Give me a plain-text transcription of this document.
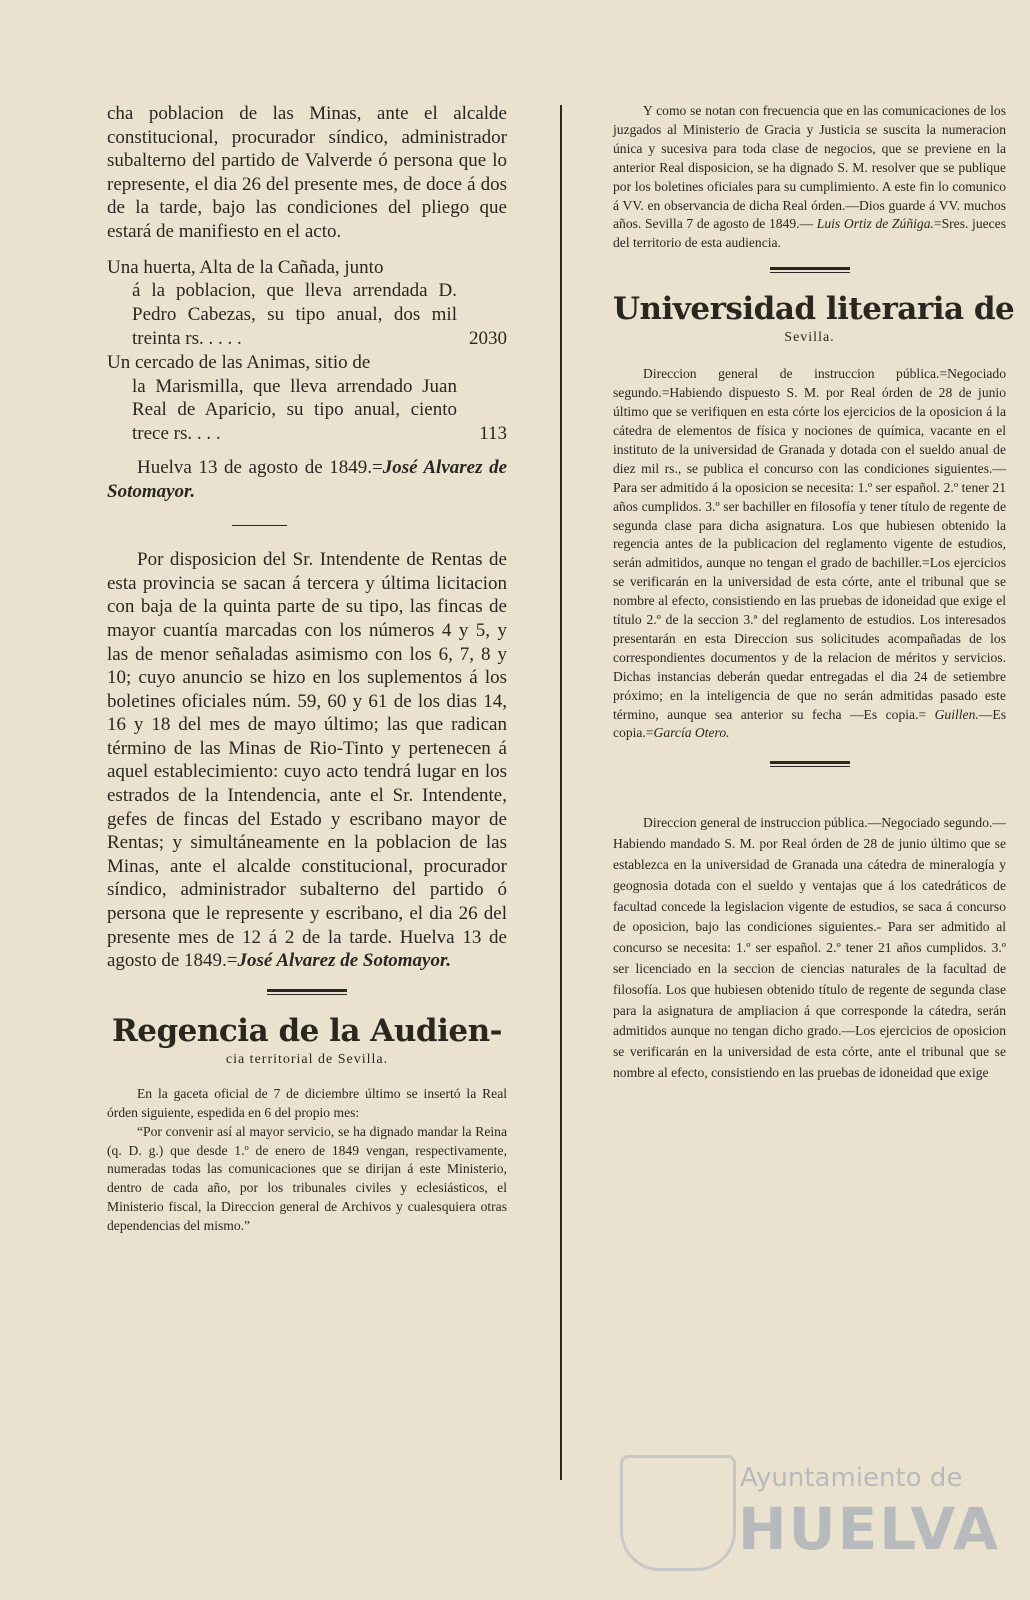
cha poblacion de las Minas, ante el alcalde constitucional, procurador síndico, administrador subalterno del partido de Valverde ó persona que lo represente, el dia 26 del presente mes, de doce á dos de la tarde, bajo las condiciones del pliego que estará de manifiesto en el acto.

Una huerta, Alta de la Cañada, junto
á la poblacion, que lleva arrendada D. Pedro Cabezas, su tipo anual, dos mil treinta rs. . . . .	2030
Un cercado de las Animas, sitio de
la Marismilla, que lleva arrendado Juan Real de Aparicio, su tipo anual, ciento trece rs. . . .	113

Huelva 13 de agosto de 1849.=José Alvarez de Sotomayor.

Por disposicion del Sr. Intendente de Rentas de esta provincia se sacan á tercera y última licitacion con baja de la quinta parte de su tipo, las fincas de mayor cuantía marcadas con los números 4 y 5, y las de menor señaladas asimismo con los 6, 7, 8 y 10; cuyo anuncio se hizo en los suplementos á los boletines oficiales núm. 59, 60 y 61 de los dias 14, 16 y 18 del mes de mayo último; las que radican término de las Minas de Rio-Tinto y pertenecen á aquel establecimiento: cuyo acto tendrá lugar en los estrados de la Intendencia, ante el Sr. Intendente, gefes de fincas del Estado y escribano mayor de Rentas; y simultáneamente en la poblacion de las Minas, ante el alcalde constitucional, procurador síndico, administrador subalterno del partido ó persona que le represente y escribano, el dia 26 del presente mes de 12 á 2 de la tarde. Huelva 13 de agosto de 1849.=José Alvarez de Sotomayor.

Regencia de la Audien-

cia territorial de Sevilla.

En la gaceta oficial de 7 de diciembre último se insertó la Real órden siguiente, espedida en 6 del propio mes:

“Por convenir así al mayor servicio, se ha dignado mandar la Reina (q. D. g.) que desde 1.º de enero de 1849 vengan, respectivamente, numeradas todas las comunicaciones que se dirijan á este Ministerio, dentro de cada año, por los tribunales civiles y eclesiásticos, el Ministerio fiscal, la Direccion general de Archivos y cualesquiera otras dependencias del mismo.”

Y como se notan con frecuencia que en las comunicaciones de los juzgados al Ministerio de Gracia y Justicia se suscita la numeracion única y sucesiva para toda clase de negocios, que se previene en la anterior Real disposicion, se ha dignado S. M. resolver que se publique por los boletines oficiales para su cumplimiento. A este fin lo comunico á VV. en observancia de dicha Real órden.—Dios guarde á VV. muchos años. Sevilla 7 de agosto de 1849.— Luis Ortiz de Zúñiga.=Sres. jueces del territorio de esta audiencia.

Universidad literaria de

Sevilla.

Direccion general de instruccion pública.=Negociado segundo.=Habiendo dispuesto S. M. por Real órden de 28 de junio último que se verifiquen en esta córte los ejercicios de la oposicion á la cátedra de elementos de física y nociones de química, vacante en el instituto de la universidad de Granada y dotada con el sueldo anual de diez mil rs., se publica el concurso con las condiciones siguientes.—Para ser admitido á la oposicion se necesita: 1.º ser español. 2.º tener 21 años cumplidos. 3.º ser bachiller en filosofía y tener título de regente de segunda clase para dicha asignatura. Los que hubiesen obtenido la regencia antes de la publicacion del reglamento vigente de estudios, serán admitidos, aunque no tengan el grado de bachiller.=Los ejercicios se verificarán en la universidad de esta córte, ante el tribunal que se nombre al efecto, consistiendo en las pruebas de idoneidad que exige el título 2.º de la seccion 3.ª del reglamento de estudios. Los interesados presentarán en esta Direccion sus solicitudes acompañadas de los correspondientes documentos y de la relacion de méritos y servicios. Dichas instancias deberán quedar entregadas el dia 24 de setiembre próximo; en la inteligencia de que no serán admitidas pasado este término, aunque sea anterior su fecha —Es copia.= Guillen.—Es copia.=García Otero.

Direccion general de instruccion pública.—Negociado segundo.—Habiendo mandado S. M. por Real órden de 28 de junio último que se establezca en la universidad de Granada una cátedra de mineralogía y geognosia dotada con el sueldo y ventajas que á los catedráticos de facultad concede la legislacion vigente de estudios, se saca á concurso de oposicion, bajo las condiciones siguientes.- Para ser admitido al concurso se necesita: 1.º ser español. 2.º tener 21 años cumplidos. 3.º ser licenciado en la seccion de ciencias naturales de la facultad de filosofía. Los que hubiesen obtenido título de regente de segunda clase para la asignatura de ampliacion á que corresponde la cátedra, serán admitidos aunque no tengan dicho grado.—Los ejercicios de oposicion se verificarán en la universidad de esta córte, ante el tribunal que se nombre al efecto, consistiendo en las pruebas de idoneidad que exige

Ayuntamiento de
HUELVA
